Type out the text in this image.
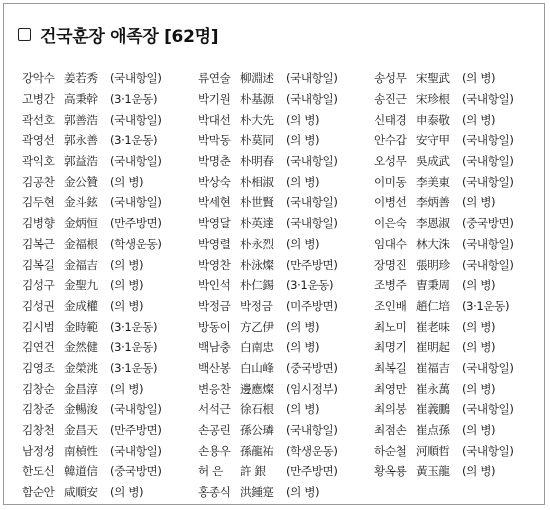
건국훈장 애족장 [62명]
강악수 姜若秀	(국내항일)
고병간 高秉幹	(3·1운동)
곽선호 郭善浩	(국내항일)
곽영선 郭永善	(3·1운동)
곽익호 郭益浩	(국내항일)
김공찬 金公贊	(의 병)
김두현 金斗鉉	(국내항일)
김병향 金炳恒	(만주방면)
김복근 金福根	(학생운동)
김복길 金福吉	(의 병)
김성구 金聖九	(의 병)
김성권 金成權	(의 병)
김시범 金時範	(3·1운동)
김연건 金然健	(3·1운동)
김영조 金榮洮	(3·1운동)
김창순 金昌淳	(의 병)
김창준 金暢浚	(국내항일)
김창천 金昌天	(만주방면)
남정성 南楨性	(국내항일)
한도신 韓道信	(중국방면)
함순안 咸順安	(의 병)
류연술 柳淵述	(국내항일)
박기원 朴基源	(국내항일)
박대선 朴大先	(의 병)
박막동 朴莫同	(의 병)
박명춘 朴明春	(국내항일)
박상숙 朴相淑	(의 병)
박세현 朴世賢	(국내항일)
박영달 朴英達	(국내항일)
박영렬 朴永烈	(의 병)
박영찬 朴泳燦	(만주방면)
박인석 朴仁錫	(3·1운동)
박정금 박정금	(미주방면)
방동이 方乙伊	(의 병)
백남충 白南忠	(의 병)
백산봉 白山峰	(중국방면)
변응찬 邊應燦	(임시정부)
서석근 徐石根	(의 병)
손공린 孫公璘	(국내항일)
손용우 孫龍祐	(학생운동)
허 은	許 銀	(만주방면)
홍종식 洪鍾寔	(의 병)
송성무 宋聖武	(의 병)
송진근 宋珍根	(국내항일)
신태경 申泰敬	(의 병)
안수갑 安守甲	(국내항일)
오성무 吳成武	(국내항일)
이미동 李美東	(국내항일)
이병선 李炳善	(의 병)
이은숙 李恩淑	(중국방면)
임대수 林大洙	(국내항일)
장명진 張明珍	(국내항일)
조병주 曺秉周	(의 병)
조인배 趙仁培	(3·1운동)
최노미 崔老味	(의 병)
최명기 崔明起	(의 병)
최복길 崔福吉	(국내항일)
최영만 崔永萬	(의 병)
최의붕 崔義鵬	(국내항일)
최점손 崔点孫	(의 병)
하순철 河順哲	(국내항일)
황옥룡 黃玉龍	(의 병)
